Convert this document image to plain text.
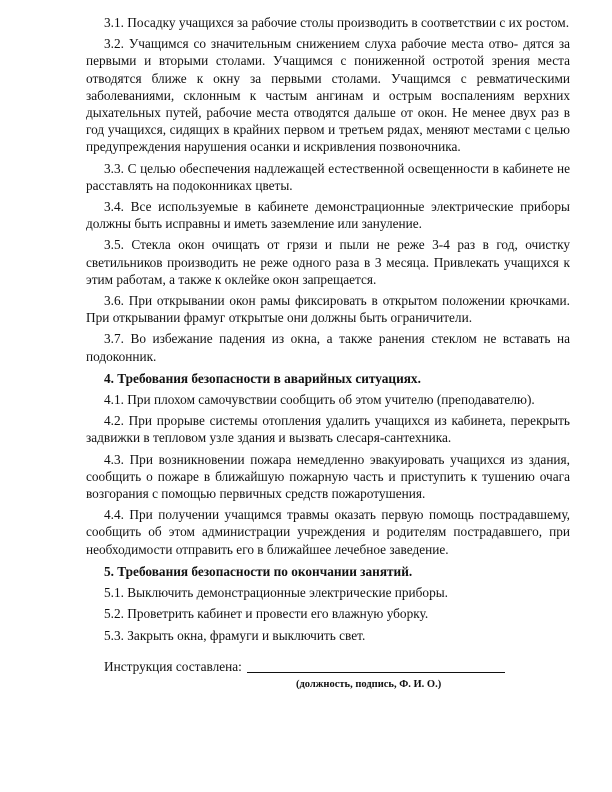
3.1. Посадку учащихся за рабочие столы производить в соответствии с их ростом.

3.2. Учащимся со значительным снижением слуха рабочие места отво- дятся за первыми и вторыми столами. Учащимся с пониженной остротой зрения места отводятся ближе к окну за первыми столами. Учащимся с ревматическими заболеваниями, склонным к частым ангинам и острым воспалениям верхних дыхательных путей, рабочие места отводятся дальше от окон. Не менее двух раз в год учащихся, сидящих в крайних первом и третьем рядах, меняют местами с целью предупреждения нарушения осанки и искривления позвоночника.

3.3. С целью обеспечения надлежащей естественной освещенности в кабинете не расставлять на подоконниках цветы.

3.4. Все используемые в кабинете демонстрационные электрические приборы должны быть исправны и иметь заземление или зануление.

3.5. Стекла окон очищать от грязи и пыли не реже 3-4 раз в год, очистку светильников производить не реже одного раза в 3 месяца. Привлекать учащихся к этим работам, а также к оклейке окон запрещается.

3.6. При открывании окон рамы фиксировать в открытом положении крючками. При открывании фрамуг открытые они должны быть ограничители.

3.7. Во избежание падения из окна, а также ранения стеклом не вставать на подоконник.

4. Требования безопасности в аварийных ситуациях.

4.1. При плохом самочувствии сообщить об этом учителю (преподавателю).

4.2. При прорыве системы отопления удалить учащихся из кабинета, перекрыть задвижки в тепловом узле здания и вызвать слесаря-сантехника.

4.3. При возникновении пожара немедленно эвакуировать учащихся из здания, сообщить о пожаре в ближайшую пожарную часть и приступить к тушению очага возгорания с помощью первичных средств пожаротушения.

4.4. При получении учащимся травмы оказать первую помощь пострадавшему, сообщить об этом администрации учреждения и родителям пострадавшего, при необходимости отправить его в ближайшее лечебное заведение.

5. Требования безопасности по окончании занятий.

5.1. Выключить демонстрационные электрические приборы.

5.2. Проветрить кабинет и провести его влажную уборку.

5.3. Закрыть окна, фрамуги и выключить свет.

Инструкция составлена:
(должность, подпись, Ф. И. О.)
